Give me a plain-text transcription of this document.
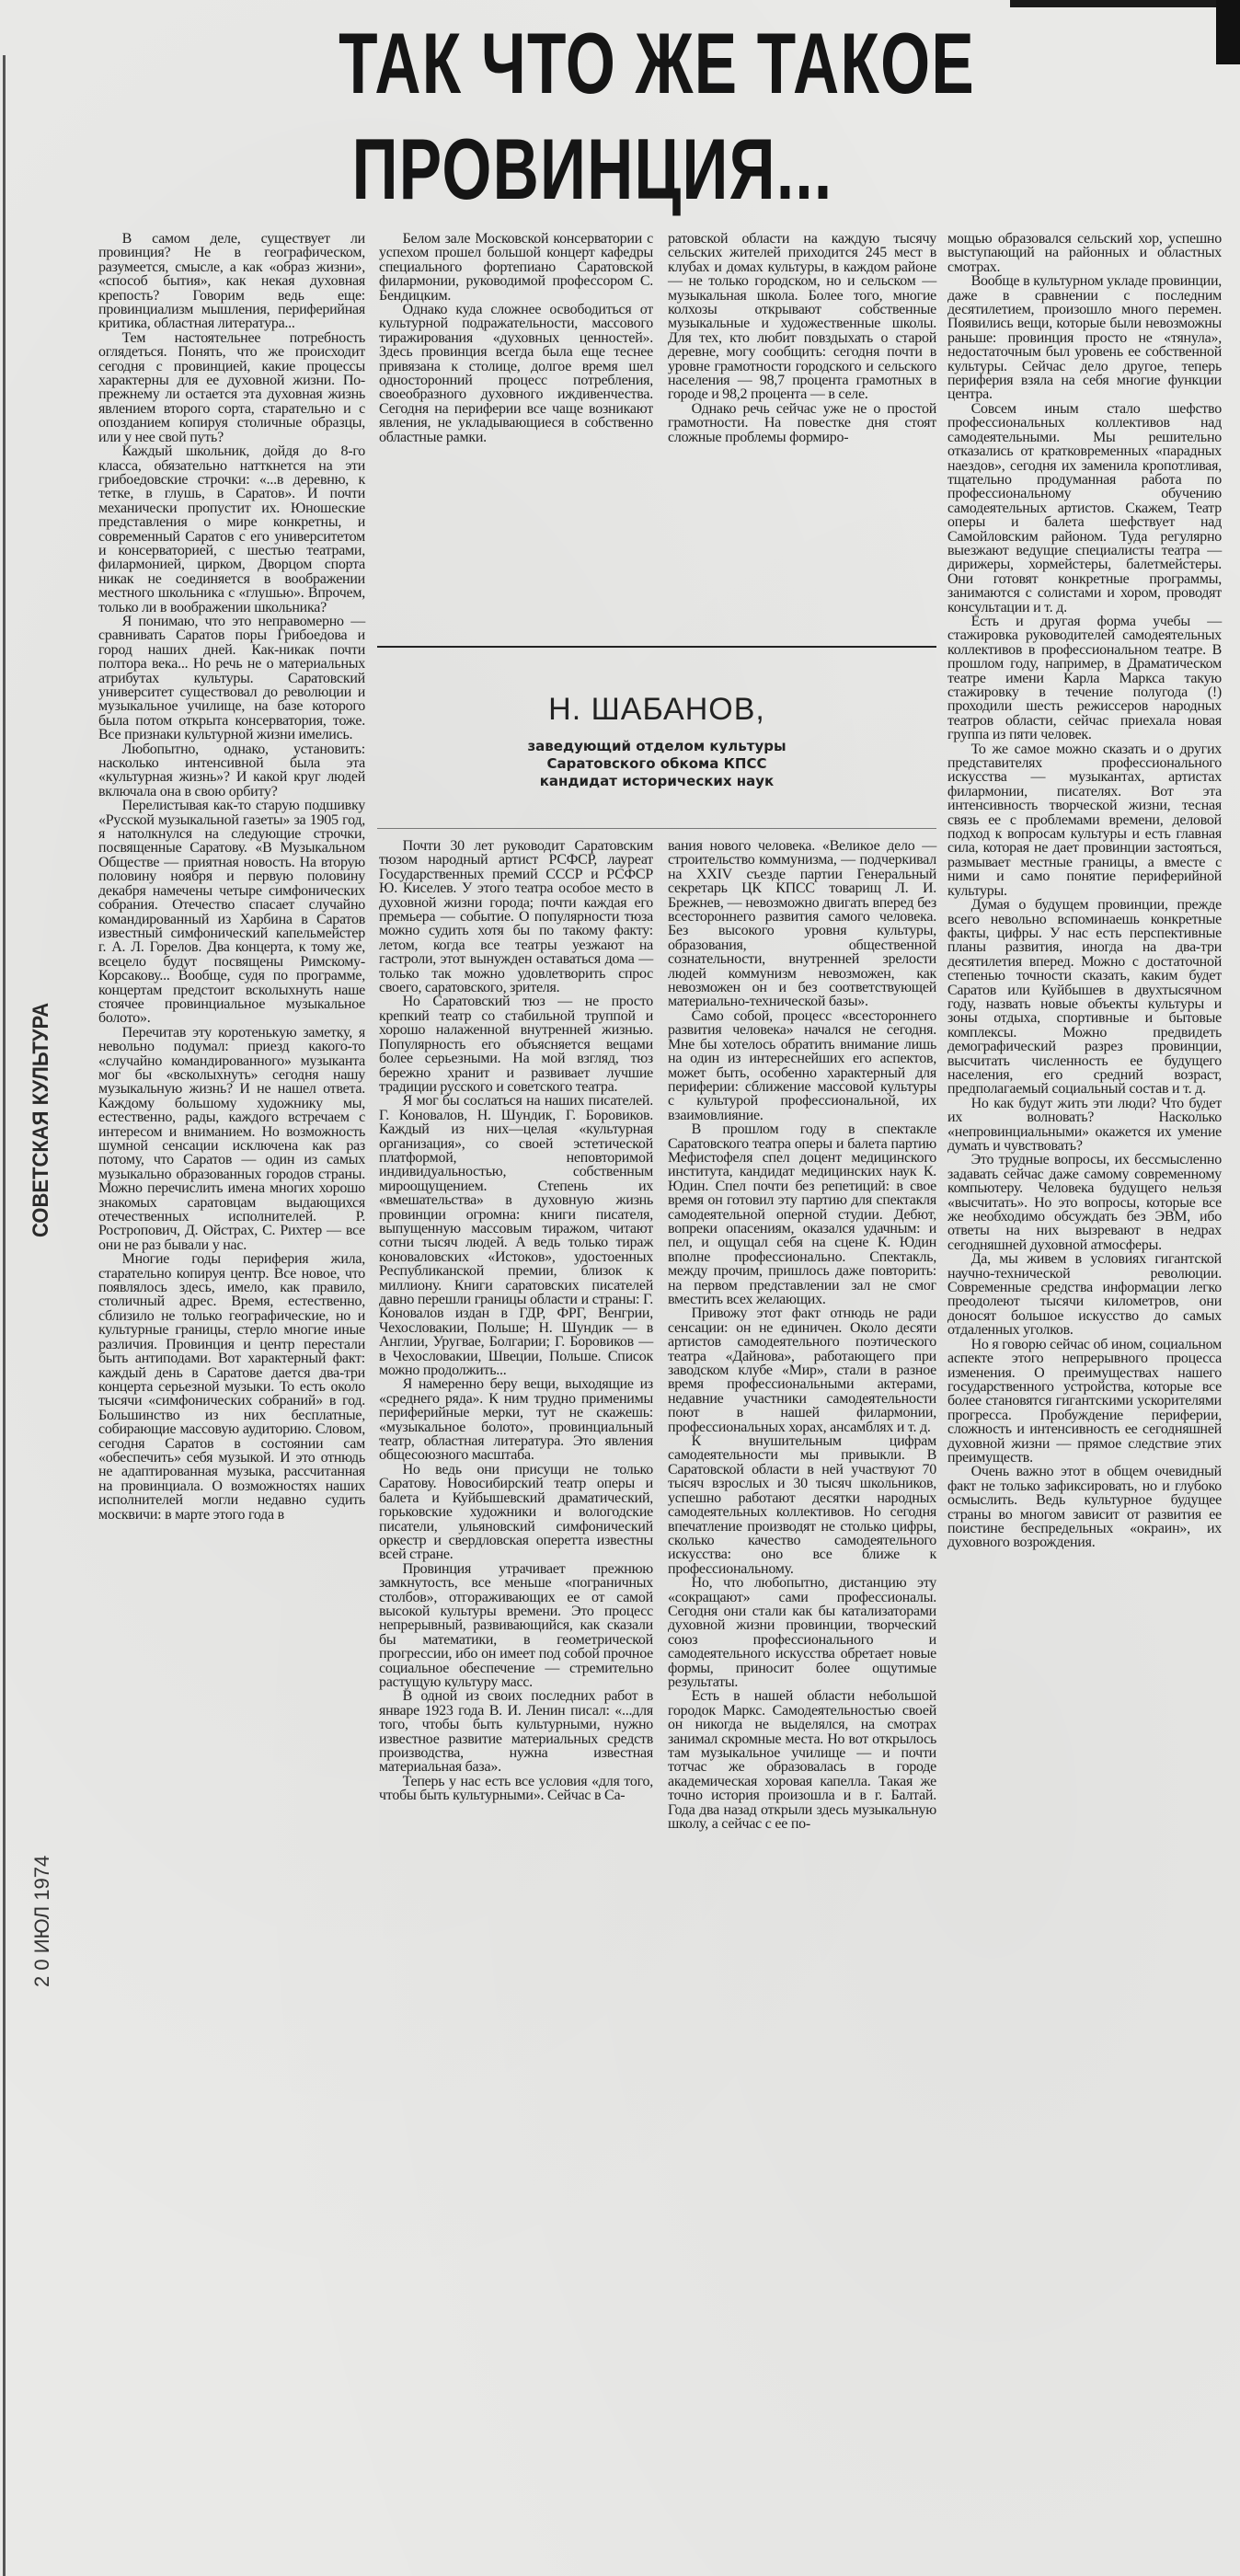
ТАК ЧТО ЖЕ ТАКОЕ
ПРОВИНЦИЯ...
СОВЕТСКАЯ КУЛЬТУРА
2 0 ИЮЛ 1974

В самом деле, существует ли провинция? Не в географическом, разумеется, смысле, а как «образ жизни», «способ бытия», как некая духовная крепость? Говорим ведь еще: провинциализм мышления, периферийная критика, областная литература...

Тем настоятельнее потребность оглядеться. Понять, что же происходит сегодня с провинцией, какие процессы характерны для ее духовной жизни. По-прежнему ли остается эта духовная жизнь явлением второго сорта, старательно и с опозданием копируя столичные образцы, или у нее свой путь?

Каждый школьник, дойдя до 8-го класса, обязательно натткнется на эти грибоедовские строчки: «...в деревню, к тетке, в глушь, в Саратов». И почти механически пропустит их. Юношеские представления о мире конкретны, и современный Саратов с его университетом и консерваторией, с шестью театрами, филармонией, цирком, Дворцом спорта никак не соединяется в воображении местного школьника с «глушью». Впрочем, только ли в воображении школьника?

Я понимаю, что это неправомерно — сравнивать Саратов поры Грибоедова и город наших дней. Как-никак почти полтора века... Но речь не о материальных атрибутах культуры. Саратовский университет существовал до революции и музыкальное училище, на базе которого была потом открыта консерватория, тоже. Все признаки культурной жизни имелись.

Любопытно, однако, установить: насколько интенсивной была эта «культурная жизнь»? И какой круг людей включала она в свою орбиту?

Перелистывая как-то старую подшивку «Русской музыкальной газеты» за 1905 год, я натолкнулся на следующие строчки, посвященные Саратову. «В Музыкальном Обществе — приятная новость. На вторую половину ноября и первую половину декабря намечены четыре симфонических собрания. Отечество спасает случайно командированный из Харбина в Саратов известный симфонический капельмейстер г. А. Л. Горелов. Два концерта, к тому же, всецело будут посвящены Римскому-Корсакову... Вообще, судя по программе, концертам предстоит всколыхнуть наше стоячее провинциальное музыкальное болото».

Перечитав эту коротенькую заметку, я невольно подумал: приезд какого-то «случайно командированного» музыканта мог бы «всколыхнуть» сегодня нашу музыкальную жизнь? И не нашел ответа. Каждому большому художнику мы, естественно, рады, каждого встречаем с интересом и вниманием. Но возможность шумной сенсации исключена как раз потому, что Саратов — один из самых музыкально образованных городов страны. Можно перечислить имена многих хорошо знакомых саратовцам выдающихся отечественных исполнителей. Р. Ростропович, Д. Ойстрах, С. Рихтер — все они не раз бывали у нас.

Многие годы периферия жила, старательно копируя центр. Все новое, что появлялось здесь, имело, как правило, столичный адрес. Время, естественно, сблизило не только географические, но и культурные границы, стерло многие иные различия. Провинция и центр перестали быть антиподами. Вот характерный факт: каждый день в Саратове дается два-три концерта серьезной музыки. То есть около тысячи «симфонических собраний» в год. Большинство из них бесплатные, собирающие массовую аудиторию. Словом, сегодня Саратов в состоянии сам «обеспечить» себя музыкой. И это отнюдь не адаптированная музыка, рассчитанная на провинциала. О возможностях наших исполнителей могли недавно судить москвичи: в марте этого года в

Белом зале Московской консерватории с успехом прошел большой концерт кафедры специального фортепиано Саратовской филармонии, руководимой профессором С. Бендицким.

Однако куда сложнее освободиться от культурной подражательности, массового тиражирования «духовных ценностей». Здесь провинция всегда была еще теснее привязана к столице, долгое время шел односторонний процесс потребления, своеобразного духовного иждивенчества. Сегодня на периферии все чаще возникают явления, не укладывающиеся в собственно областные рамки.

ратовской области на каждую тысячу сельских жителей приходится 245 мест в клубах и домах культуры, в каждом районе — не только городском, но и сельском — музыкальная школа. Более того, многие колхозы открывают собственные музыкальные и художественные школы. Для тех, кто любит повздыхать о старой деревне, могу сообщить: сегодня почти в уровне грамотности городского и сельского населения — 98,7 процента грамотных в городе и 98,2 процента — в селе.

Однако речь сейчас уже не о простой грамотности. На повестке дня стоят сложные проблемы формиро-

Почти 30 лет руководит Саратовским тюзом народный артист РСФСР, лауреат Государственных премий СССР и РСФСР Ю. Киселев. У этого театра особое место в духовной жизни города; почти каждая его премьера — событие. О популярности тюза можно судить хотя бы по такому факту: летом, когда все театры уезжают на гастроли, этот вынужден оставаться дома — только так можно удовлетворить спрос своего, саратовского, зрителя.

Но Саратовский тюз — не просто крепкий театр со стабильной труппой и хорошо налаженной внутренней жизнью. Популярность его объясняется вещами более серьезными. На мой взгляд, тюз бережно хранит и развивает лучшие традиции русского и советского театра.

Я мог бы сослаться на наших писателей. Г. Коновалов, Н. Шундик, Г. Боровиков. Каждый из них—целая «культурная организация», со своей эстетической платформой, неповторимой индивидуальностью, собственным мироощущением. Степень их «вмешательства» в духовную жизнь провинции огромна: книги писателя, выпущенную массовым тиражом, читают сотни тысяч людей. А ведь только тираж коноваловских «Истоков», удостоенных Республиканской премии, близок к миллиону. Книги саратовских писателей давно перешли границы области и страны: Г. Коновалов издан в ГДР, ФРГ, Венгрии, Чехословакии, Польше; Н. Шундик — в Англии, Уругвае, Болгарии; Г. Боровиков — в Чехословакии, Швеции, Польше. Список можно продолжить...

Я намеренно беру вещи, выходящие из «среднего ряда». К ним трудно применимы периферийные мерки, тут не скажешь: «музыкальное болото», провинциальный театр, областная литература. Это явления общесоюзного масштаба.

Но ведь они присущи не только Саратову. Новосибирский театр оперы и балета и Куйбышевский драматический, горьковские художники и вологодские писатели, ульяновский симфонический оркестр и свердловская оперетта известны всей стране.

Провинция утрачивает прежнюю замкнутость, все меньше «пограничных столбов», отгораживающих ее от самой высокой культуры времени. Это процесс непрерывный, развивающийся, как сказали бы математики, в геометрической прогрессии, ибо он имеет под собой прочное социальное обеспечение — стремительно растущую культуру масс.

В одной из своих последних работ в январе 1923 года В. И. Ленин писал: «...для того, чтобы быть культурными, нужно известное развитие материальных средств производства, нужна известная материальная база».

Теперь у нас есть все условия «для того, чтобы быть культурными». Сейчас в Са-

вания нового человека. «Великое дело — строительство коммунизма, — подчеркивал на XXIV съезде партии Генеральный секретарь ЦК КПСС товарищ Л. И. Брежнев, — невозможно двигать вперед без всестороннего развития самого человека. Без высокого уровня культуры, образования, общественной сознательности, внутренней зрелости людей коммунизм невозможен, как невозможен он и без соответствующей материально-технической базы».

Само собой, процесс «всестороннего развития человека» начался не сегодня. Мне бы хотелось обратить внимание лишь на один из интереснейших его аспектов, может быть, особенно характерный для периферии: сближение массовой культуры с культурой профессиональной, их взаимовлияние.

В прошлом году в спектакле Саратовского театра оперы и балета партию Мефистофеля спел доцент медицинского института, кандидат медицинских наук К. Юдин. Спел почти без репетиций: в свое время он готовил эту партию для спектакля самодеятельной оперной студии. Дебют, вопреки опасениям, оказался удачным: и пел, и ощущал себя на сцене К. Юдин вполне профессионально. Спектакль, между прочим, пришлось даже повторить: на первом представлении зал не смог вместить всех желающих.

Привожу этот факт отнюдь не ради сенсации: он не единичен. Около десяти артистов самодеятельного поэтического театра «Дайнова», работающего при заводском клубе «Мир», стали в разное время профессиональными актерами, недавние участники самодеятельности поют в нашей филармонии, профессиональных хорах, ансамблях и т. д.

К внушительным цифрам самодеятельности мы привыкли. В Саратовской области в ней участвуют 70 тысяч взрослых и 30 тысяч школьников, успешно работают десятки народных самодеятельных коллективов. Но сегодня впечатление производят не столько цифры, сколько качество самодеятельного искусства: оно все ближе к профессиональному.

Но, что любопытно, дистанцию эту «сокращают» сами профессионалы. Сегодня они стали как бы катализаторами духовной жизни провинции, творческий союз профессионального и самодеятельного искусства обретает новые формы, приносит более ощутимые результаты.

Есть в нашей области небольшой городок Маркс. Самодеятельностью своей он никогда не выделялся, на смотрах занимал скромные места. Но вот открылось там музыкальное училище — и почти тотчас же образовалась в городе академическая хоровая капелла. Такая же точно история произошла и в г. Балтай. Года два назад открыли здесь музыкальную школу, а сейчас с ее по-

мощью образовался сельский хор, успешно выступающий на районных и областных смотрах.

Вообще в культурном укладе провинции, даже в сравнении с последним десятилетием, произошло много перемен. Появились вещи, которые были невозможны раньше: провинция просто не «тянула», недостаточным был уровень ее собственной культуры. Сейчас дело другое, теперь периферия взяла на себя многие функции центра.

Совсем иным стало шефство профессиональных коллективов над самодеятельными. Мы решительно отказались от кратковременных «парадных наездов», сегодня их заменила кропотливая, тщательно продуманная работа по профессиональному обучению самодеятельных артистов. Скажем, Театр оперы и балета шефствует над Самойловским районом. Туда регулярно выезжают ведущие специалисты театра — дирижеры, хормейстеры, балетмейстеры. Они готовят конкретные программы, занимаются с солистами и хором, проводят консультации и т. д.

Есть и другая форма учебы — стажировка руководителей самодеятельных коллективов в профессиональном театре. В прошлом году, например, в Драматическом театре имени Карла Маркса такую стажировку в течение полугода (!) проходили шесть режиссеров народных театров области, сейчас приехала новая группа из пяти человек.

То же самое можно сказать и о других представителях профессионального искусства — музыкантах, артистах филармонии, писателях. Вот эта интенсивность творческой жизни, тесная связь ее с проблемами времени, деловой подход к вопросам культуры и есть главная сила, которая не дает провинции застояться, размывает местные границы, а вместе с ними и само понятие периферийной культуры.

Думая о будущем провинции, прежде всего невольно вспоминаешь конкретные факты, цифры. У нас есть перспективные планы развития, иногда на два-три десятилетия вперед. Можно с достаточной степенью точности сказать, каким будет Саратов или Куйбышев в двухтысячном году, назвать новые объекты культуры и зоны отдыха, спортивные и бытовые комплексы. Можно предвидеть демографический разрез провинции, высчитать численность ее будущего населения, его средний возраст, предполагаемый социальный состав и т. д.

Но как будут жить эти люди? Что будет их волновать? Насколько «непровинциальными» окажется их умение думать и чувствовать?

Это трудные вопросы, их бессмысленно задавать сейчас даже самому современному компьютеру. Человека будущего нельзя «высчитать». Но это вопросы, которые все же необходимо обсуждать без ЭВМ, ибо ответы на них вызревают в недрах сегодняшней духовной атмосферы.

Да, мы живем в условиях гигантской научно-технической революции. Современные средства информации легко преодолеют тысячи километров, они доносят большое искусство до самых отдаленных уголков.

Но я говорю сейчас об ином, социальном аспекте этого непрерывного процесса изменения. О преимуществах нашего государственного устройства, которые все более становятся гигантскими ускорителями прогресса. Пробуждение периферии, сложность и интенсивность ее сегодняшней духовной жизни — прямое следствие этих преимуществ.

Очень важно этот в общем очевидный факт не только зафиксировать, но и глубоко осмыслить. Ведь культурное будущее страны во многом зависит от развития ее поистине беспредельных «окраин», их духовного возрождения.

Н. ШАБАНОВ,
заведующий отделом культуры
Саратовского обкома КПСС
кандидат исторических наук
